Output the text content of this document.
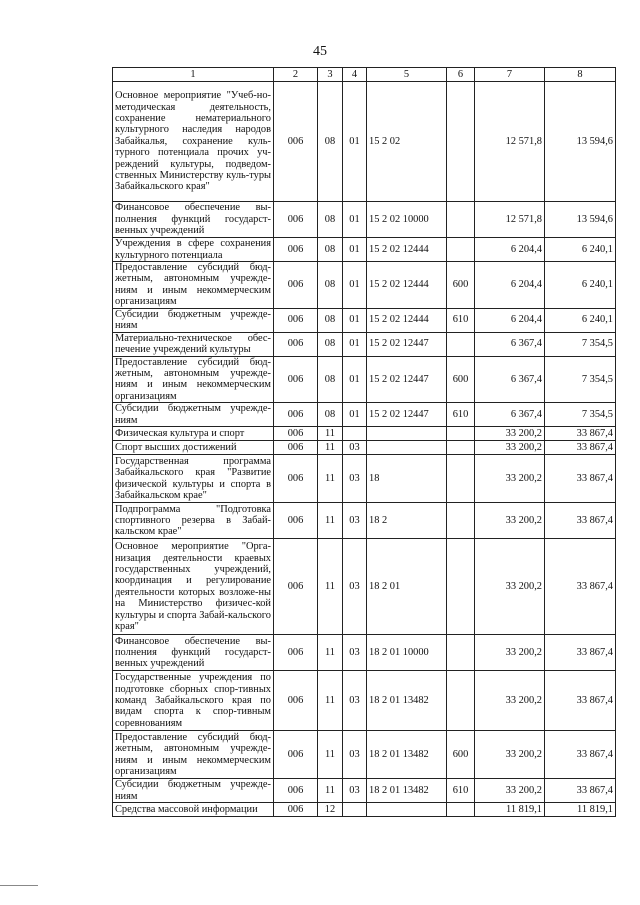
45
1	2	3	4	5	6	7	8
Основное мероприятие "Учеб-но-методическая деятельность, сохранение нематериального культурного наследия народов Забайкалья, сохранение куль-турного потенциала прочих уч-реждений культуры, подведом-ственных Министерству куль-туры Забайкальского края"	006	08	01	15 2 02		12 571,8	13 594,6
Финансовое обеспечение вы-полнения функций государст-венных учреждений	006	08	01	15 2 02 10000		12 571,8	13 594,6
Учреждения в сфере сохранения культурного потенциала	006	08	01	15 2 02 12444		6 204,4	6 240,1
Предоставление субсидий бюд-жетным, автономным учрежде-ниям и иным некоммерческим организациям	006	08	01	15 2 02 12444	600	6 204,4	6 240,1
Субсидии бюджетным учрежде-ниям	006	08	01	15 2 02 12444	610	6 204,4	6 240,1
Материально-техническое обес-печение учреждений культуры	006	08	01	15 2 02 12447		6 367,4	7 354,5
Предоставление субсидий бюд-жетным, автономным учрежде-ниям и иным некоммерческим организациям	006	08	01	15 2 02 12447	600	6 367,4	7 354,5
Субсидии бюджетным учрежде-ниям	006	08	01	15 2 02 12447	610	6 367,4	7 354,5
Физическая культура и спорт	006	11				33 200,2	33 867,4
Спорт высших достижений	006	11	03			33 200,2	33 867,4
Государственная программа Забайкальского края "Развитие физической культуры и спорта в Забайкальском крае"	006	11	03	18		33 200,2	33 867,4
Подпрограмма "Подготовка спортивного резерва в Забай-кальском крае"	006	11	03	18 2		33 200,2	33 867,4
Основное мероприятие "Орга-низация деятельности краевых государственных учреждений, координация и регулирование деятельности которых возложе-ны на Министерство физичес-кой культуры и спорта Забай-кальского края"	006	11	03	18 2 01		33 200,2	33 867,4
Финансовое обеспечение вы-полнения функций государст-венных учреждений	006	11	03	18 2 01 10000		33 200,2	33 867,4
Государственные учреждения по подготовке сборных спор-тивных команд Забайкальского края по видам спорта к спор-тивным соревнованиям	006	11	03	18 2 01 13482		33 200,2	33 867,4
Предоставление субсидий бюд-жетным, автономным учрежде-ниям и иным некоммерческим организациям	006	11	03	18 2 01 13482	600	33 200,2	33 867,4
Субсидии бюджетным учрежде-ниям	006	11	03	18 2 01 13482	610	33 200,2	33 867,4
Средства массовой информации	006	12				11 819,1	11 819,1
